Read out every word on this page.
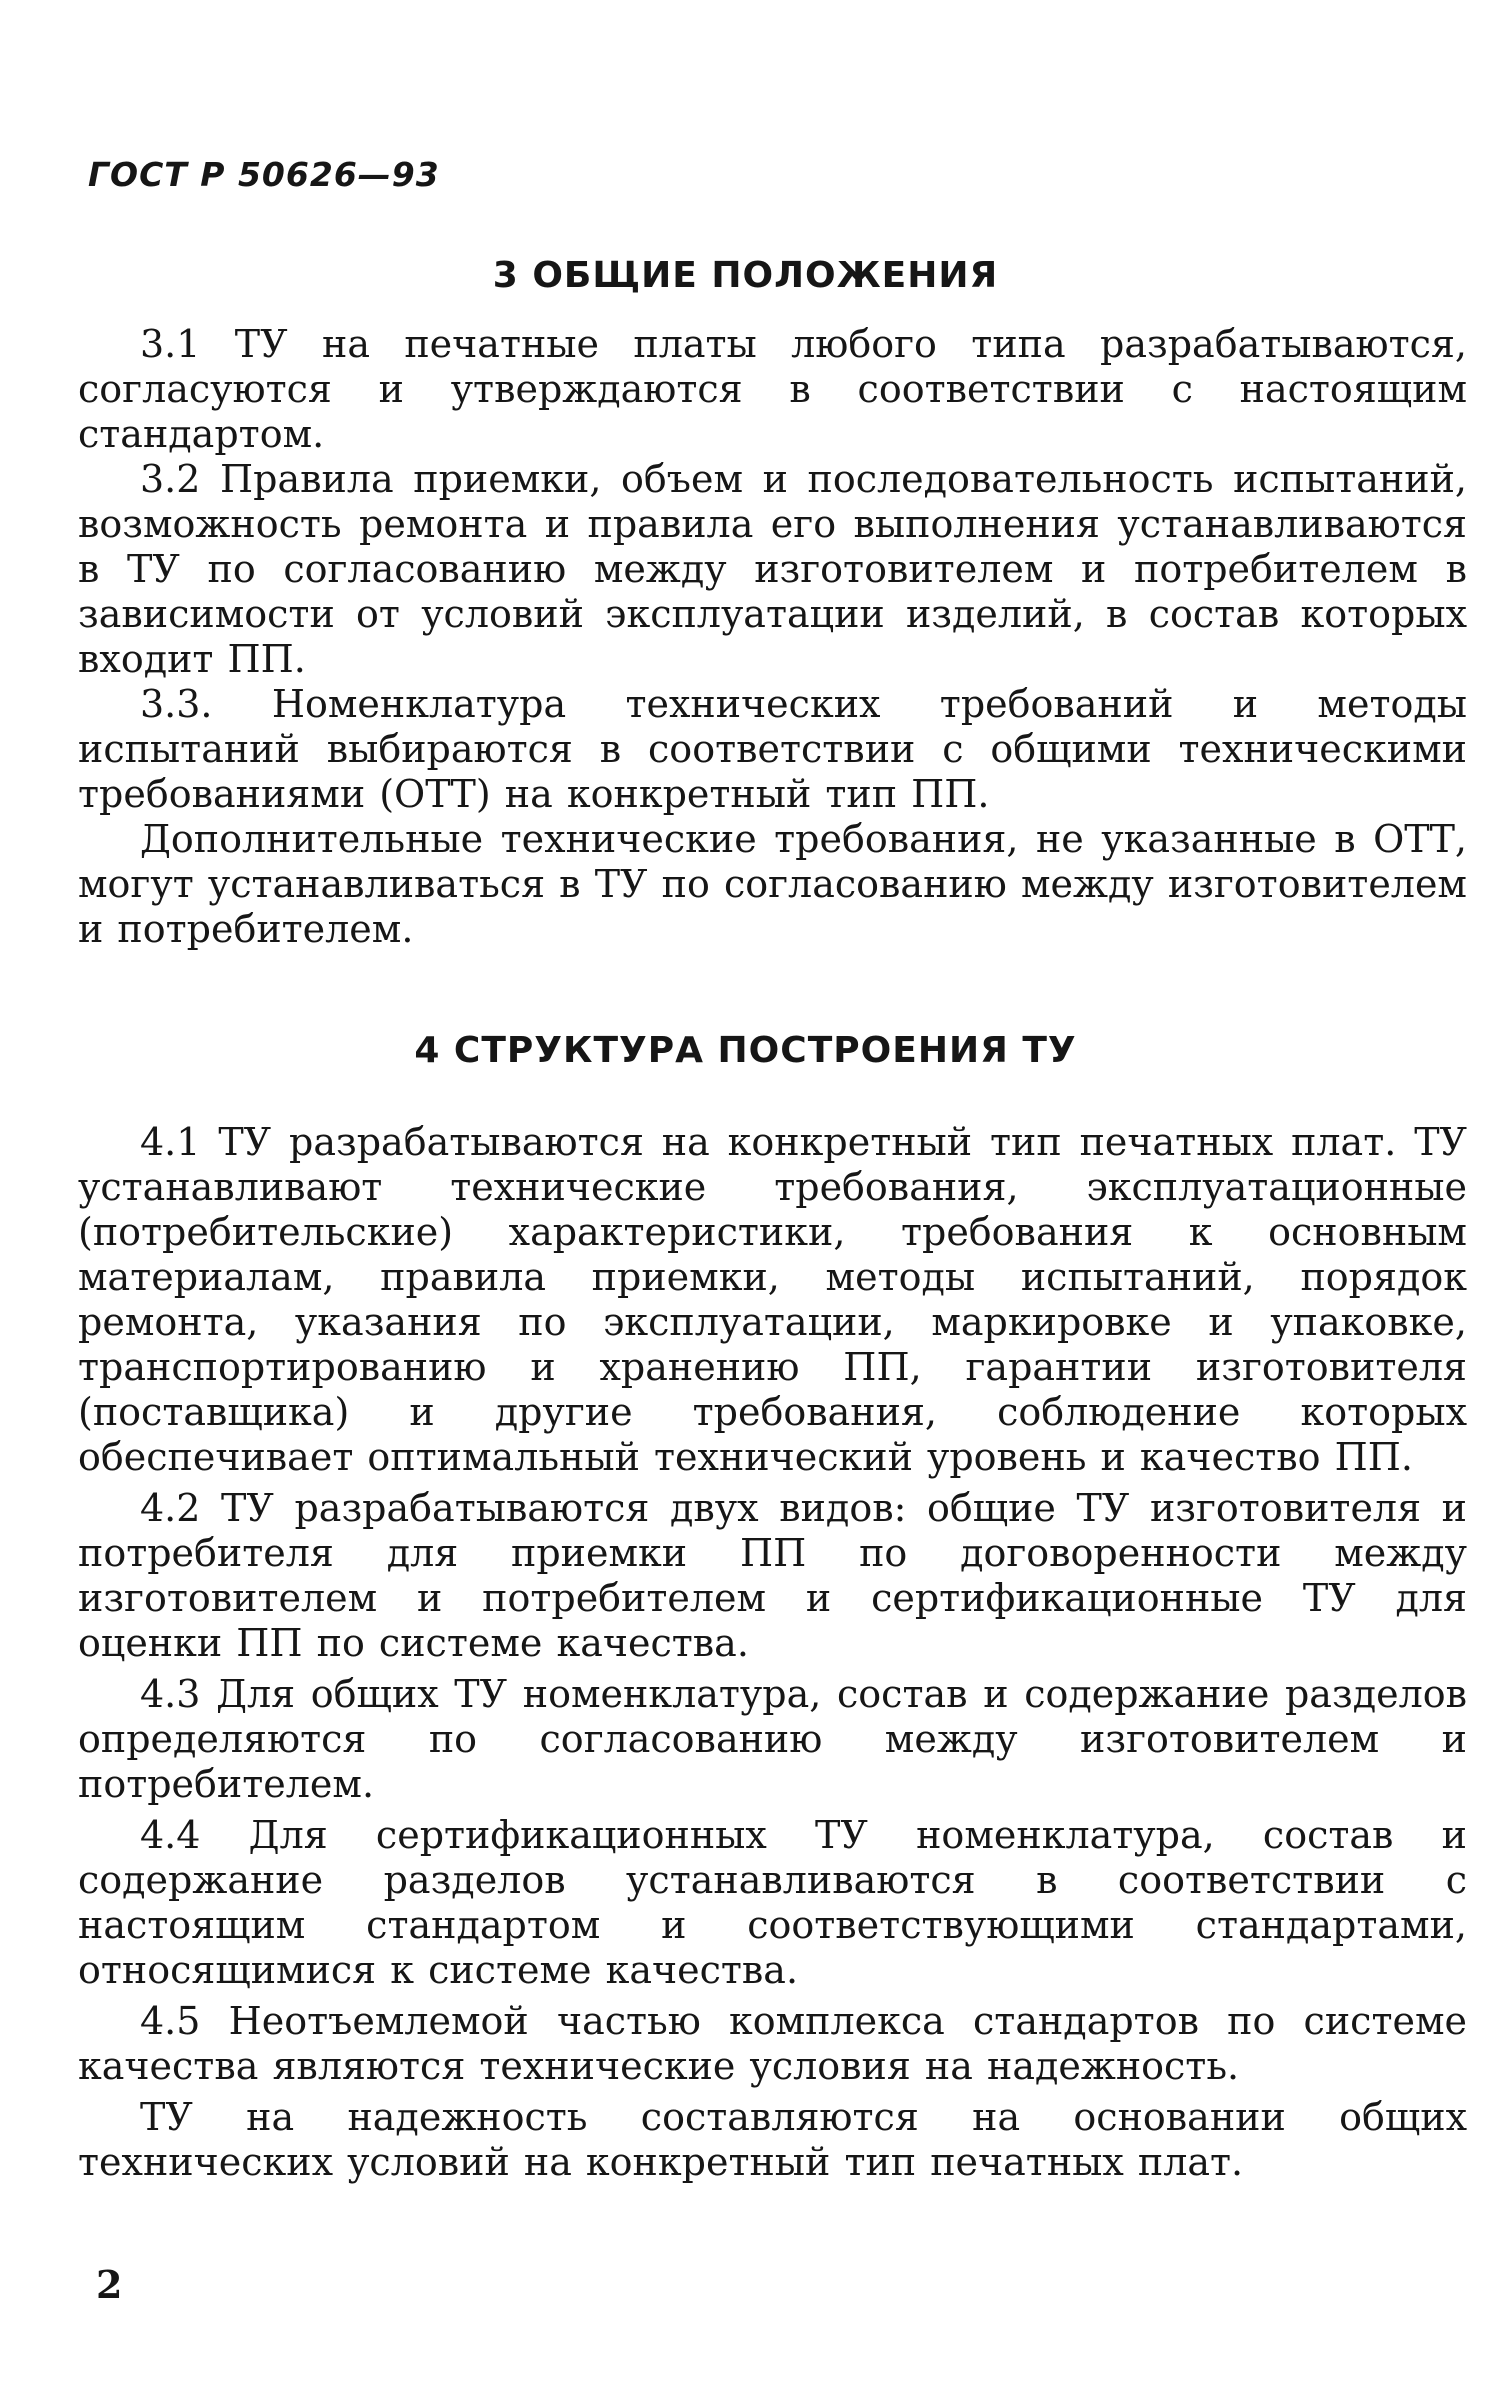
ГОСТ Р 50626—93

3 ОБЩИЕ ПОЛОЖЕНИЯ

3.1 ТУ на печатные платы любого типа разрабатываются, согласуются и утверждаются в соответствии с настоящим стандартом.

3.2 Правила приемки, объем и последовательность испытаний, возможность ремонта и правила его выполнения устанавливаются в ТУ по согласованию между изготовителем и потребителем в зависимости от условий эксплуатации изделий, в состав которых входит ПП.

3.3. Номенклатура технических требований и методы испытаний выбираются в соответствии с общими техническими требованиями (ОТТ) на конкретный тип ПП.

Дополнительные технические требования, не указанные в ОТТ, могут устанавливаться в ТУ по согласованию между изготовителем и потребителем.

4 СТРУКТУРА ПОСТРОЕНИЯ ТУ

4.1 ТУ разрабатываются на конкретный тип печатных плат. ТУ устанавливают технические требования, эксплуатационные (потребительские) характеристики, требования к основным материалам, правила приемки, методы испытаний, порядок ремонта, указания по эксплуатации, маркировке и упаковке, транспортированию и хранению ПП, гарантии изготовителя (поставщика) и другие требования, соблюдение которых обеспечивает оптимальный технический уровень и качество ПП.

4.2 ТУ разрабатываются двух видов: общие ТУ изготовителя и потребителя для приемки ПП по договоренности между изготовителем и потребителем и сертификационные ТУ для оценки ПП по системе качества.

4.3 Для общих ТУ номенклатура, состав и содержание разделов определяются по согласованию между изготовителем и потребителем.

4.4 Для сертификационных ТУ номенклатура, состав и содержание разделов устанавливаются в соответствии с настоящим стандартом и соответствующими стандартами, относящимися к системе качества.

4.5 Неотъемлемой частью комплекса стандартов по системе качества являются технические условия на надежность.

ТУ на надежность составляются на основании общих технических условий на конкретный тип печатных плат.

2
